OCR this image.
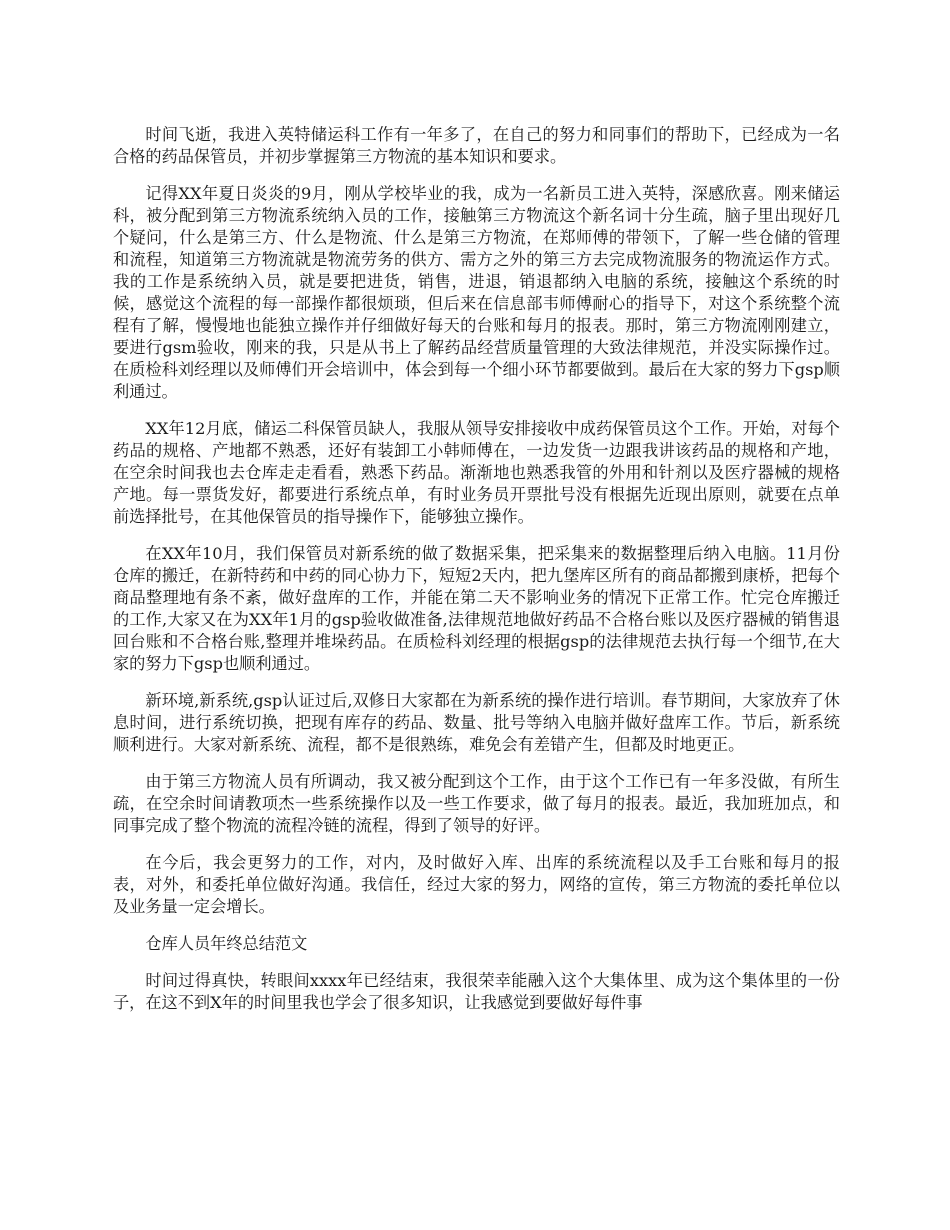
时间飞逝，我进入英特储运科工作有一年多了，在自己的努力和同事们的帮助下，已经成为一名合格的药品保管员，并初步掌握第三方物流的基本知识和要求。

记得XX年夏日炎炎的9月，刚从学校毕业的我，成为一名新员工进入英特，深感欣喜。刚来储运科，被分配到第三方物流系统纳入员的工作，接触第三方物流这个新名词十分生疏，脑子里出现好几个疑问，什么是第三方、什么是物流、什么是第三方物流，在郑师傅的带领下，了解一些仓储的管理和流程，知道第三方物流就是物流劳务的供方、需方之外的第三方去完成物流服务的物流运作方式。我的工作是系统纳入员，就是要把进货，销售，进退，销退都纳入电脑的系统，接触这个系统的时候，感觉这个流程的每一部操作都很烦琐，但后来在信息部韦师傅耐心的指导下，对这个系统整个流程有了解，慢慢地也能独立操作并仔细做好每天的台账和每月的报表。那时，第三方物流刚刚建立，要进行gsm验收，刚来的我，只是从书上了解药品经营质量管理的大致法律规范，并没实际操作过。在质检科刘经理以及师傅们开会培训中，体会到每一个细小环节都要做到。最后在大家的努力下gsp顺利通过。

XX年12月底，储运二科保管员缺人，我服从领导安排接收中成药保管员这个工作。开始，对每个药品的规格、产地都不熟悉，还好有装卸工小韩师傅在，一边发货一边跟我讲该药品的规格和产地，在空余时间我也去仓库走走看看，熟悉下药品。渐渐地也熟悉我管的外用和针剂以及医疗器械的规格产地。每一票货发好，都要进行系统点单，有时业务员开票批号没有根据先近现出原则，就要在点单前选择批号，在其他保管员的指导操作下，能够独立操作。

在XX年10月，我们保管员对新系统的做了数据采集，把采集来的数据整理后纳入电脑。11月份仓库的搬迁，在新特药和中药的同心协力下，短短2天内，把九堡库区所有的商品都搬到康桥，把每个商品整理地有条不紊，做好盘库的工作，并能在第二天不影响业务的情况下正常工作。忙完仓库搬迁的工作,大家又在为XX年1月的gsp验收做准备,法律规范地做好药品不合格台账以及医疗器械的销售退回台账和不合格台账,整理并堆垛药品。在质检科刘经理的根据gsp的法律规范去执行每一个细节,在大家的努力下gsp也顺利通过。

新环境,新系统,gsp认证过后,双修日大家都在为新系统的操作进行培训。春节期间，大家放弃了休息时间，进行系统切换，把现有库存的药品、数量、批号等纳入电脑并做好盘库工作。节后，新系统顺利进行。大家对新系统、流程，都不是很熟练，难免会有差错产生，但都及时地更正。

由于第三方物流人员有所调动，我又被分配到这个工作，由于这个工作已有一年多没做，有所生疏，在空余时间请教项杰一些系统操作以及一些工作要求，做了每月的报表。最近，我加班加点，和同事完成了整个物流的流程冷链的流程，得到了领导的好评。

在今后，我会更努力的工作，对内，及时做好入库、出库的系统流程以及手工台账和每月的报表，对外，和委托单位做好沟通。我信任，经过大家的努力，网络的宣传，第三方物流的委托单位以及业务量一定会增长。

仓库人员年终总结范文

时间过得真快，转眼间xxxx年已经结束，我很荣幸能融入这个大集体里、成为这个集体里的一份子，在这不到X年的时间里我也学会了很多知识，让我感觉到要做好每件事
